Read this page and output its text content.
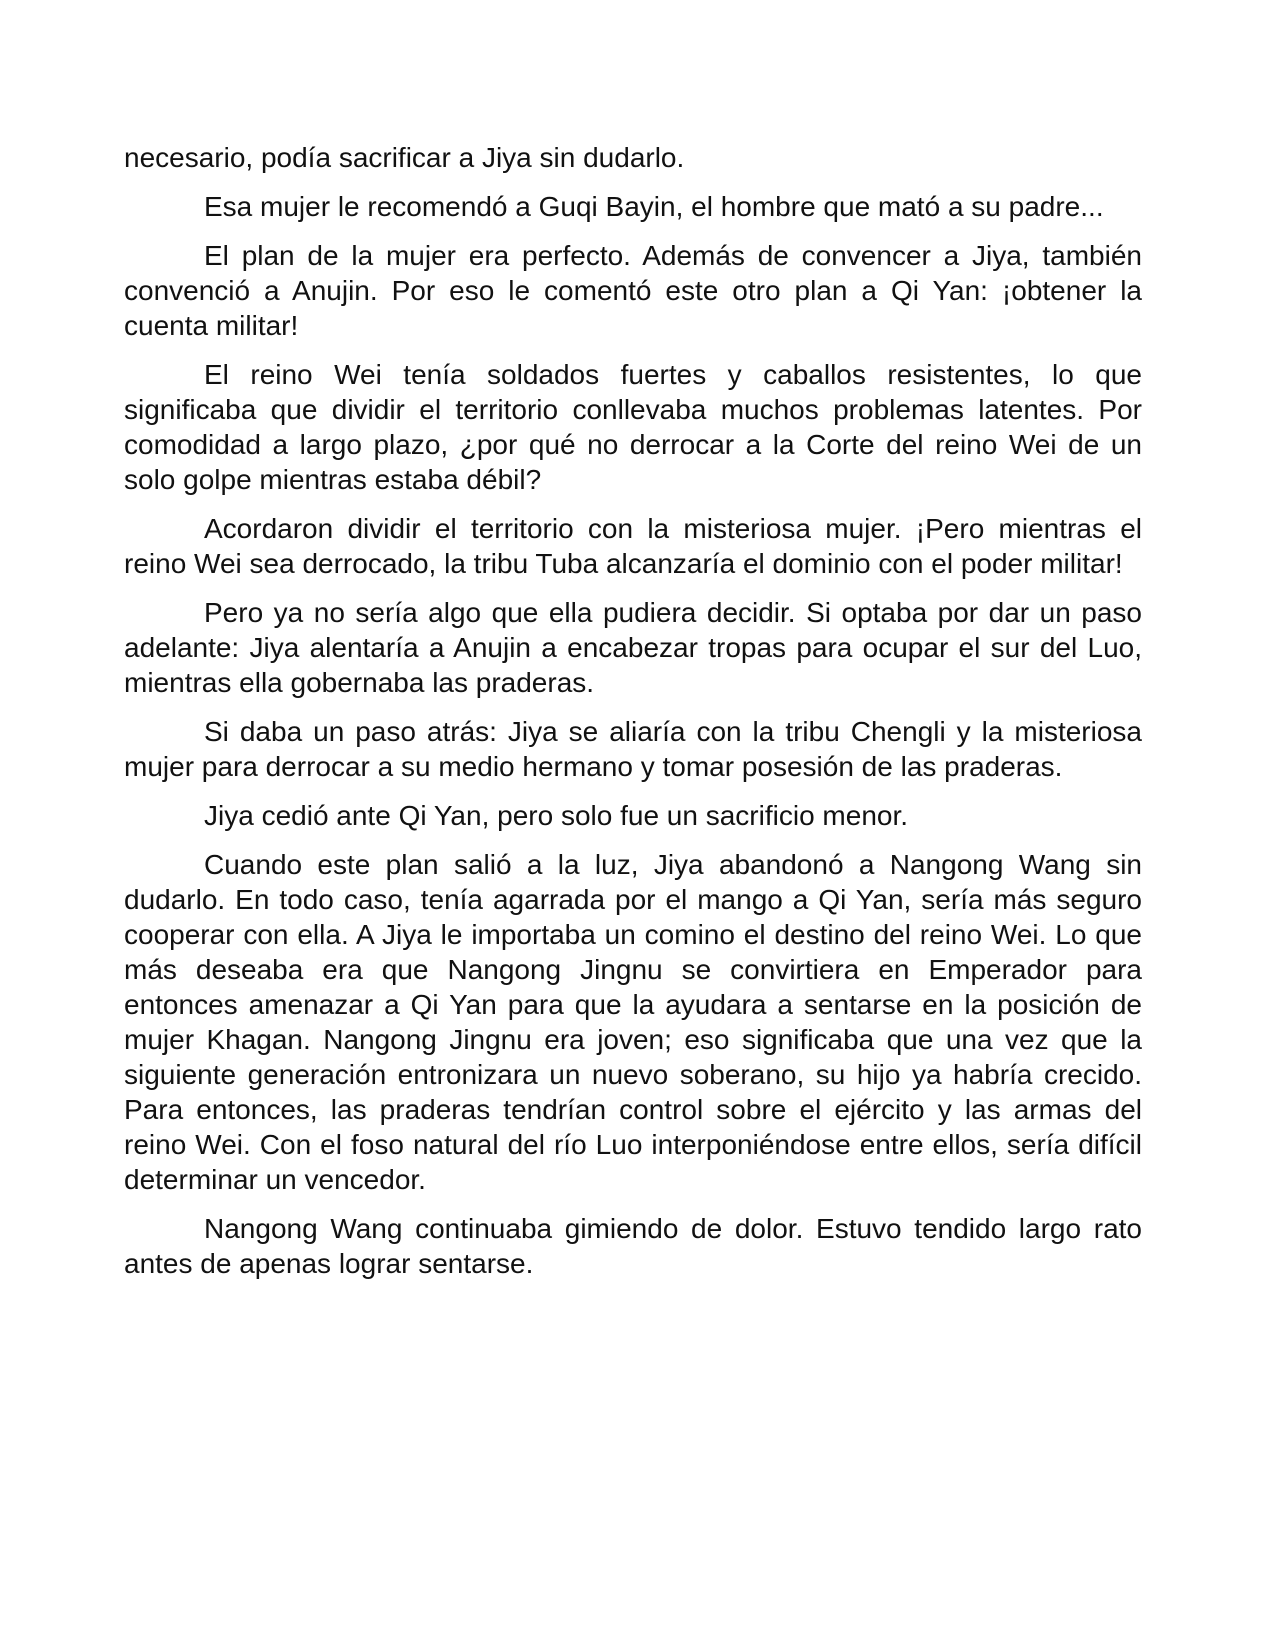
necesario, podía sacrificar a Jiya sin dudarlo.

Esa mujer le recomendó a Guqi Bayin, el hombre que mató a su padre...

El plan de la mujer era perfecto. Además de convencer a Jiya, también convenció a Anujin. Por eso le comentó este otro plan a Qi Yan: ¡obtener la cuenta militar!

El reino Wei tenía soldados fuertes y caballos resistentes, lo que significaba que dividir el territorio conllevaba muchos problemas latentes. Por comodidad a largo plazo, ¿por qué no derrocar a la Corte del reino Wei de un solo golpe mientras estaba débil?

Acordaron dividir el territorio con la misteriosa mujer. ¡Pero mientras el reino Wei sea derrocado, la tribu Tuba alcanzaría el dominio con el poder militar!

Pero ya no sería algo que ella pudiera decidir. Si optaba por dar un paso adelante: Jiya alentaría a Anujin a encabezar tropas para ocupar el sur del Luo, mientras ella gobernaba las praderas.

Si daba un paso atrás: Jiya se aliaría con la tribu Chengli y la misteriosa mujer para derrocar a su medio hermano y tomar posesión de las praderas.

Jiya cedió ante Qi Yan, pero solo fue un sacrificio menor.

Cuando este plan salió a la luz, Jiya abandonó a Nangong Wang sin dudarlo. En todo caso, tenía agarrada por el mango a Qi Yan, sería más seguro cooperar con ella. A Jiya le importaba un comino el destino del reino Wei. Lo que más deseaba era que Nangong Jingnu se convirtiera en Emperador para entonces amenazar a Qi Yan para que la ayudara a sentarse en la posición de mujer Khagan. Nangong Jingnu era joven; eso significaba que una vez que la siguiente generación entronizara un nuevo soberano, su hijo ya habría crecido. Para entonces, las praderas tendrían control sobre el ejército y las armas del reino Wei. Con el foso natural del río Luo interponiéndose entre ellos, sería difícil determinar un vencedor.

Nangong Wang continuaba gimiendo de dolor. Estuvo tendido largo rato antes de apenas lograr sentarse.
